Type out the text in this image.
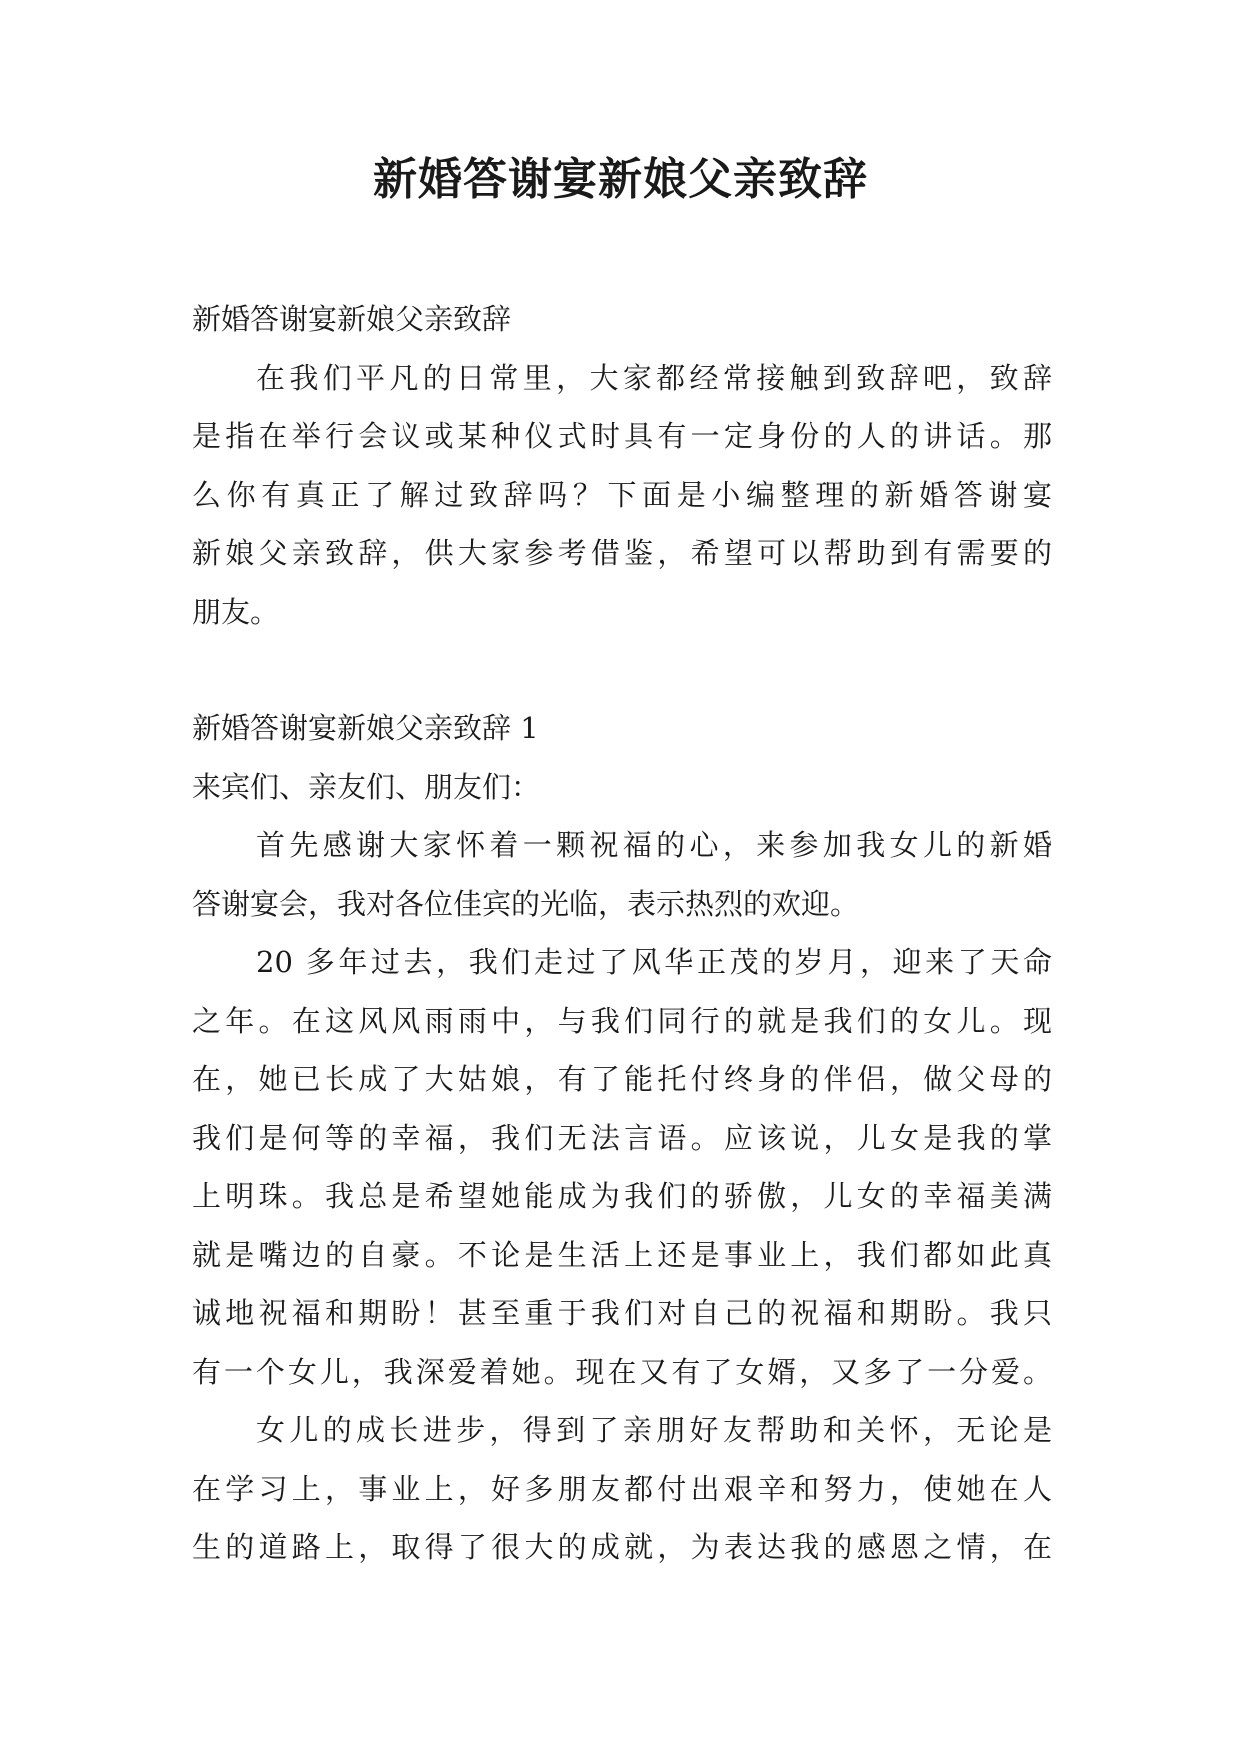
新婚答谢宴新娘父亲致辞
新婚答谢宴新娘父亲致辞
在我们平凡的日常里，大家都经常接触到致辞吧，致辞
是指在举行会议或某种仪式时具有一定身份的人的讲话。那
么你有真正了解过致辞吗？下面是小编整理的新婚答谢宴
新娘父亲致辞，供大家参考借鉴，希望可以帮助到有需要的
朋友。
新婚答谢宴新娘父亲致辞 1
来宾们、亲友们、朋友们：
首先感谢大家怀着一颗祝福的心，来参加我女儿的新婚
答谢宴会，我对各位佳宾的光临，表示热烈的欢迎。
20 多年过去，我们走过了风华正茂的岁月，迎来了天命
之年。在这风风雨雨中，与我们同行的就是我们的女儿。现
在，她已长成了大姑娘，有了能托付终身的伴侣，做父母的
我们是何等的幸福，我们无法言语。应该说，儿女是我的掌
上明珠。我总是希望她能成为我们的骄傲，儿女的幸福美满
就是嘴边的自豪。不论是生活上还是事业上，我们都如此真
诚地祝福和期盼！甚至重于我们对自己的祝福和期盼。我只
有一个女儿，我深爱着她。现在又有了女婿，又多了一分爱。
女儿的成长进步，得到了亲朋好友帮助和关怀，无论是
在学习上，事业上，好多朋友都付出艰辛和努力，使她在人
生的道路上，取得了很大的成就，为表达我的感恩之情，在
